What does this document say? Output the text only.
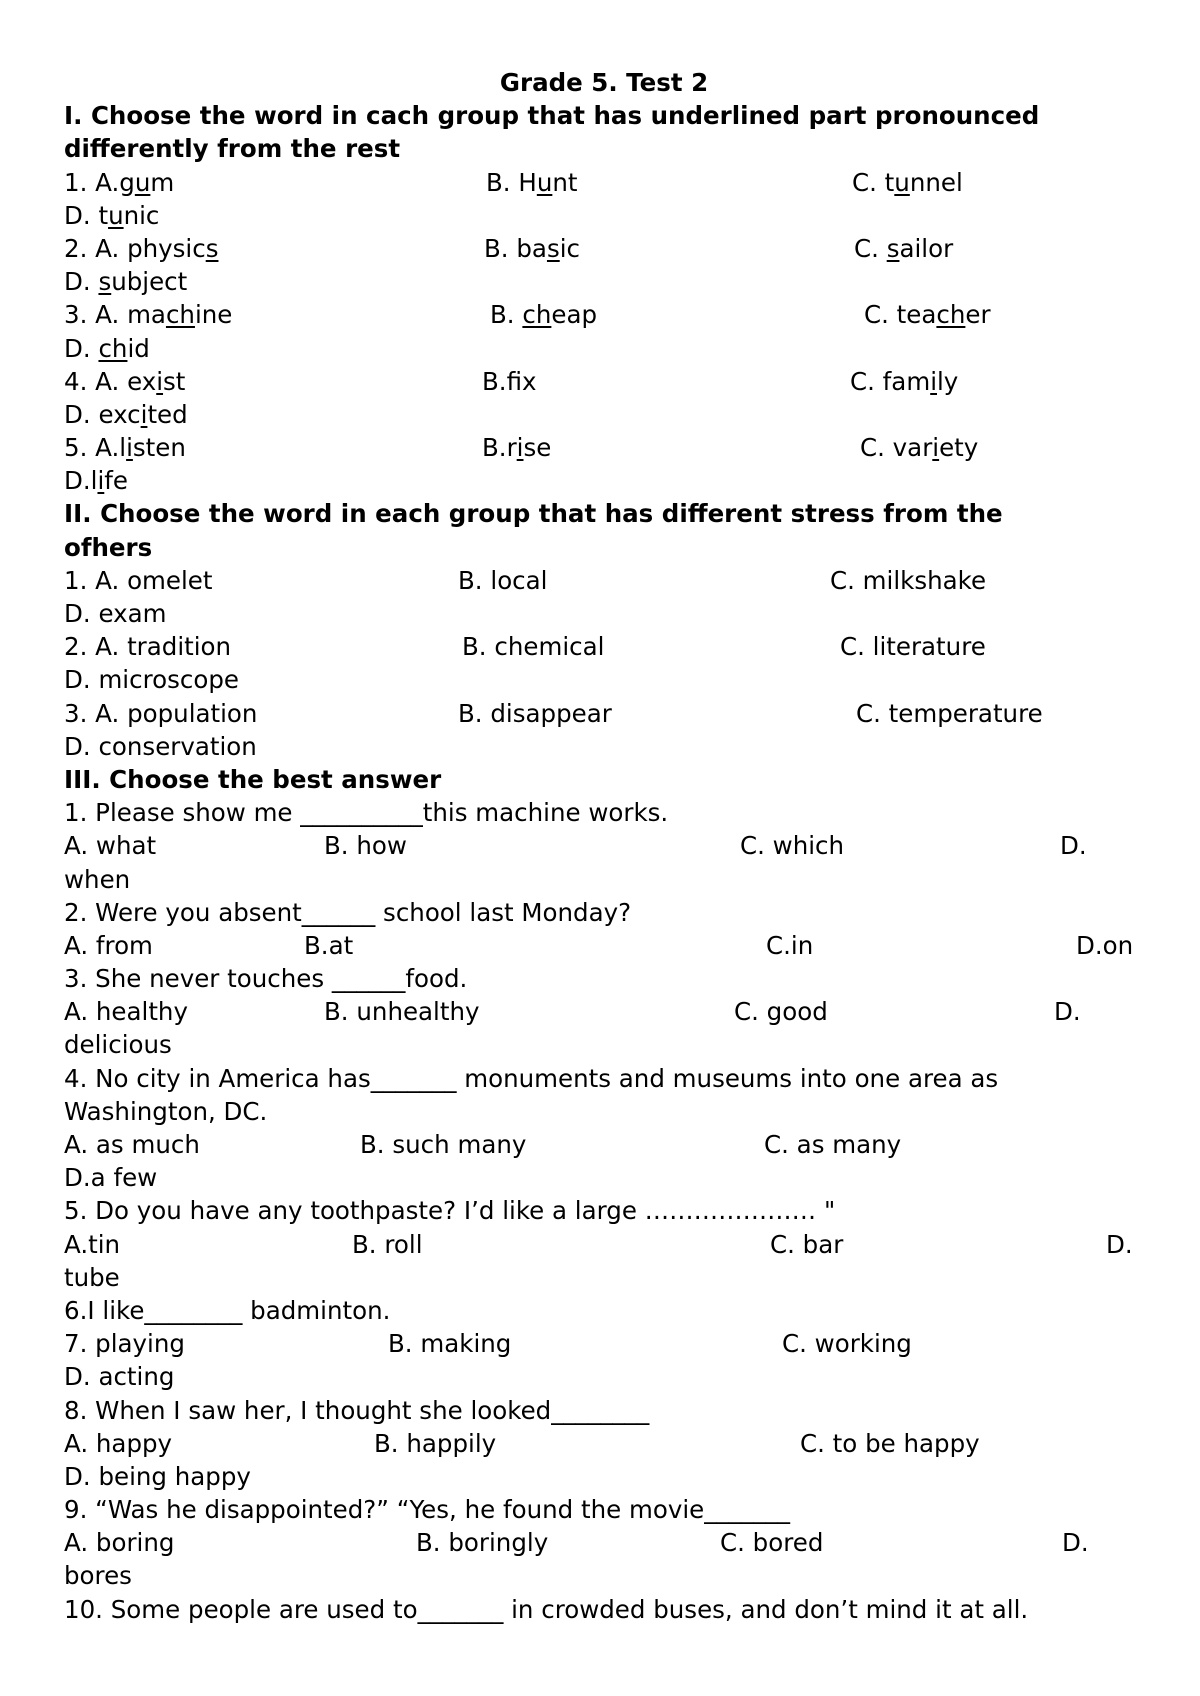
Grade 5. Test 2
I. Choose the word in cach group that has underlined part pronounced
differently from the rest
1. A.gum	B. Hunt	C. tunnel
D. tunic
2. A. physics	B. basic	C. sailor
D. subject
3. A. machine	B. cheap	C. teacher
D. chid
4. A. exist	B.fx	C. family
D. excited
5. A.listen	B.rise	C. variety
D.life
II. Choose the word in each group that has different stress from the
ofhers
1. A. omelet	B. local	C. milkshake
D. exam
2. A. tradition	B. chemical	C. literature
D. microscope
3. A. population	B. disappear	C. temperature
D. conservation
III. Choose the best answer
1. Please show me __________this machine works.
A. what	B. how	C. which	D.
when
2. Were you absent______ school last Monday?
A. from	B.at	C.in	D.on
3. She never touches ______food.
A. healthy	B. unhealthy	C. good	D.
delicious
4. No city in America has_______ monuments and museums into one area as
Washington, DC.
A. as much	B. such many	C. as many
D.a few
5. Do you have any toothpaste? I’d like a large ………………… "
A.tin	B. roll	C. bar	D.
tube
6.I like________ badminton.
7. playing	B. making	C. working
D. acting
8. When I saw her, I thought she looked________
A. happy	B. happily	C. to be happy
D. being happy
9. “Was he disappointed?” “Yes, he found the movie_______
A. boring	B. boringly	C. bored	D.
bores
10. Some people are used to_______ in crowded buses, and don’t mind it at all.
